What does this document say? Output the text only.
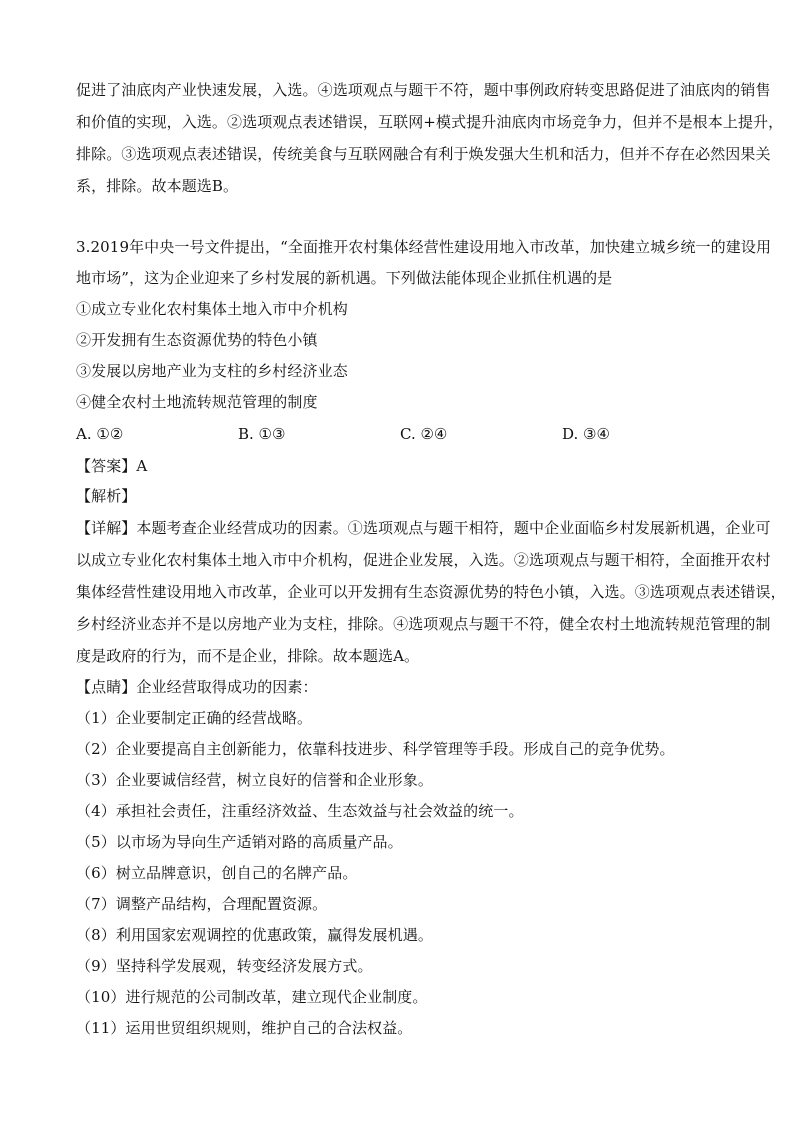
促进了油底肉产业快速发展，入选。④选项观点与题干不符，题中事例政府转变思路促进了油底肉的销售
和价值的实现，入选。②选项观点表述错误，互联网+模式提升油底肉市场竞争力，但并不是根本上提升，
排除。③选项观点表述错误，传统美食与互联网融合有利于焕发强大生机和活力，但并不存在必然因果关
系，排除。故本题选B。
3.2019年中央一号文件提出，“全面推开农村集体经营性建设用地入市改革，加快建立城乡统一的建设用
地市场”，这为企业迎来了乡村发展的新机遇。下列做法能体现企业抓住机遇的是
①成立专业化农村集体土地入市中介机构
②开发拥有生态资源优势的特色小镇
③发展以房地产业为支柱的乡村经济业态
④健全农村土地流转规范管理的制度
A. ①②	B. ①③	C. ②④	D. ③④
【答案】A
【解析】
【详解】本题考查企业经营成功的因素。①选项观点与题干相符，题中企业面临乡村发展新机遇，企业可
以成立专业化农村集体土地入市中介机构，促进企业发展，入选。②选项观点与题干相符，全面推开农村
集体经营性建设用地入市改革，企业可以开发拥有生态资源优势的特色小镇，入选。③选项观点表述错误，
乡村经济业态并不是以房地产业为支柱，排除。④选项观点与题干不符，健全农村土地流转规范管理的制
度是政府的行为，而不是企业，排除。故本题选A。
【点睛】企业经营取得成功的因素：
（1）企业要制定正确的经营战略。
（2）企业要提高自主创新能力，依靠科技进步、科学管理等手段。形成自己的竞争优势。
（3）企业要诚信经营，树立良好的信誉和企业形象。
（4）承担社会责任，注重经济效益、生态效益与社会效益的统一。
（5）以市场为导向生产适销对路的高质量产品。
（6）树立品牌意识，创自己的名牌产品。
（7）调整产品结构，合理配置资源。
（8）利用国家宏观调控的优惠政策，赢得发展机遇。
（9）坚持科学发展观，转变经济发展方式。
（10）进行规范的公司制改革，建立现代企业制度。
（11）运用世贸组织规则，维护自己的合法权益。
